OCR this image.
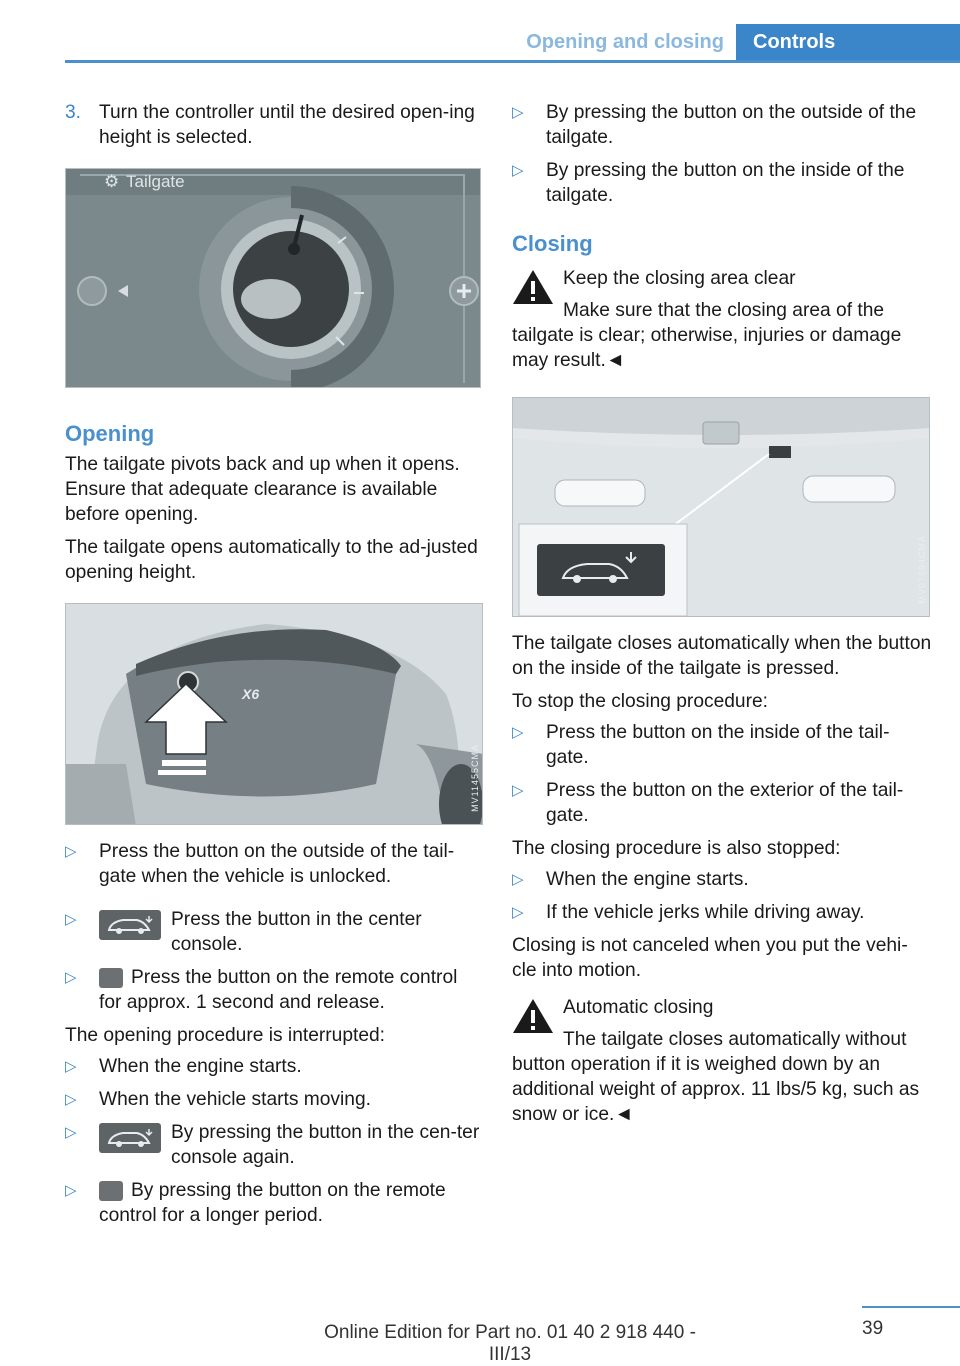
Opening and closing	Controls
3. Turn the controller until the desired open-ing height is selected.
⚙ Tailgate
Opening

The tailgate pivots back and up when it opens. Ensure that adequate clearance is available before opening.

The tailgate opens automatically to the ad-justed opening height.

X6
MV11455CMA
▷ Press the button on the outside of the tail-gate when the vehicle is unlocked.
▷	Press the button in the center console.
▷	Press the button on the remote control for approx. 1 second and release.

The opening procedure is interrupted:

▷ When the engine starts.
▷ When the vehicle starts moving.
▷	By pressing the button in the cen-ter console again.
▷	By pressing the button on the remote control for a longer period.
▷ By pressing the button on the outside of the tailgate.
▷ By pressing the button on the inside of the tailgate.
Closing
Keep the closing area clear
Make sure that the closing area of the tailgate is clear; otherwise, injuries or damage may result.◄
MV07694CMA

The tailgate closes automatically when the button on the inside of the tailgate is pressed.

To stop the closing procedure:

▷ Press the button on the inside of the tail-gate.
▷ Press the button on the exterior of the tail-gate.

The closing procedure is also stopped:

▷ When the engine starts.
▷ If the vehicle jerks while driving away.

Closing is not canceled when you put the vehi-cle into motion.

Automatic closing
The tailgate closes automatically without button operation if it is weighed down by an additional weight of approx. 11 lbs/5 kg, such as snow or ice.◄
39
Online Edition for Part no. 01 40 2 918 440 - III/13
